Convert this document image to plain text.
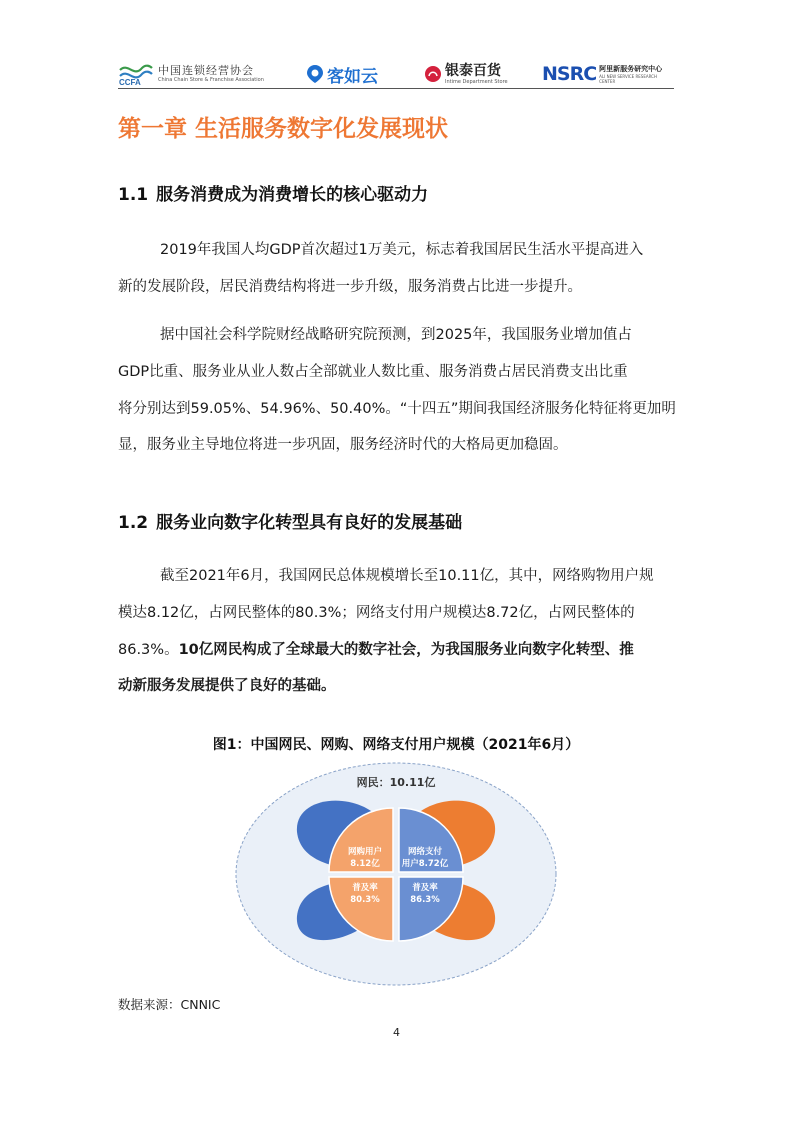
CCFA
中国连锁经营协会
China Chain Store & Franchise Association	客如云	银泰百货
Intime Department Store NSRC 阿里新服务研究中心
ALI NEW SERVICE RESEARCH CENTER
第一章 生活服务数字化发展现状
1.1 服务消费成为消费增长的核心驱动力

2019年我国人均GDP首次超过1万美元，标志着我国居民生活水平提高进入
新的发展阶段，居民消费结构将进一步升级，服务消费占比进一步提升。

据中国社会科学院财经战略研究院预测，到2025年，我国服务业增加值占
GDP比重、服务业从业人数占全部就业人数比重、服务消费占居民消费支出比重
将分别达到59.05%、54.96%、50.40%。“十四五”期间我国经济服务化特征将更加明
显，服务业主导地位将进一步巩固，服务经济时代的大格局更加稳固。

1.2 服务业向数字化转型具有良好的发展基础

截至2021年6月，我国网民总体规模增长至10.11亿，其中，网络购物用户规
模达8.12亿，占网民整体的80.3%；网络支付用户规模达8.72亿，占网民整体的
86.3%。10亿网民构成了全球最大的数字社会，为我国服务业向数字化转型、推
动新服务发展提供了良好的基础。

图1：中国网民、网购、网络支付用户规模（2021年6月）
网民：10.11亿
网购用户
8.12亿
网络支付
用户8.72亿
普及率
80.3%
普及率
86.3%
数据来源：CNNIC
4
